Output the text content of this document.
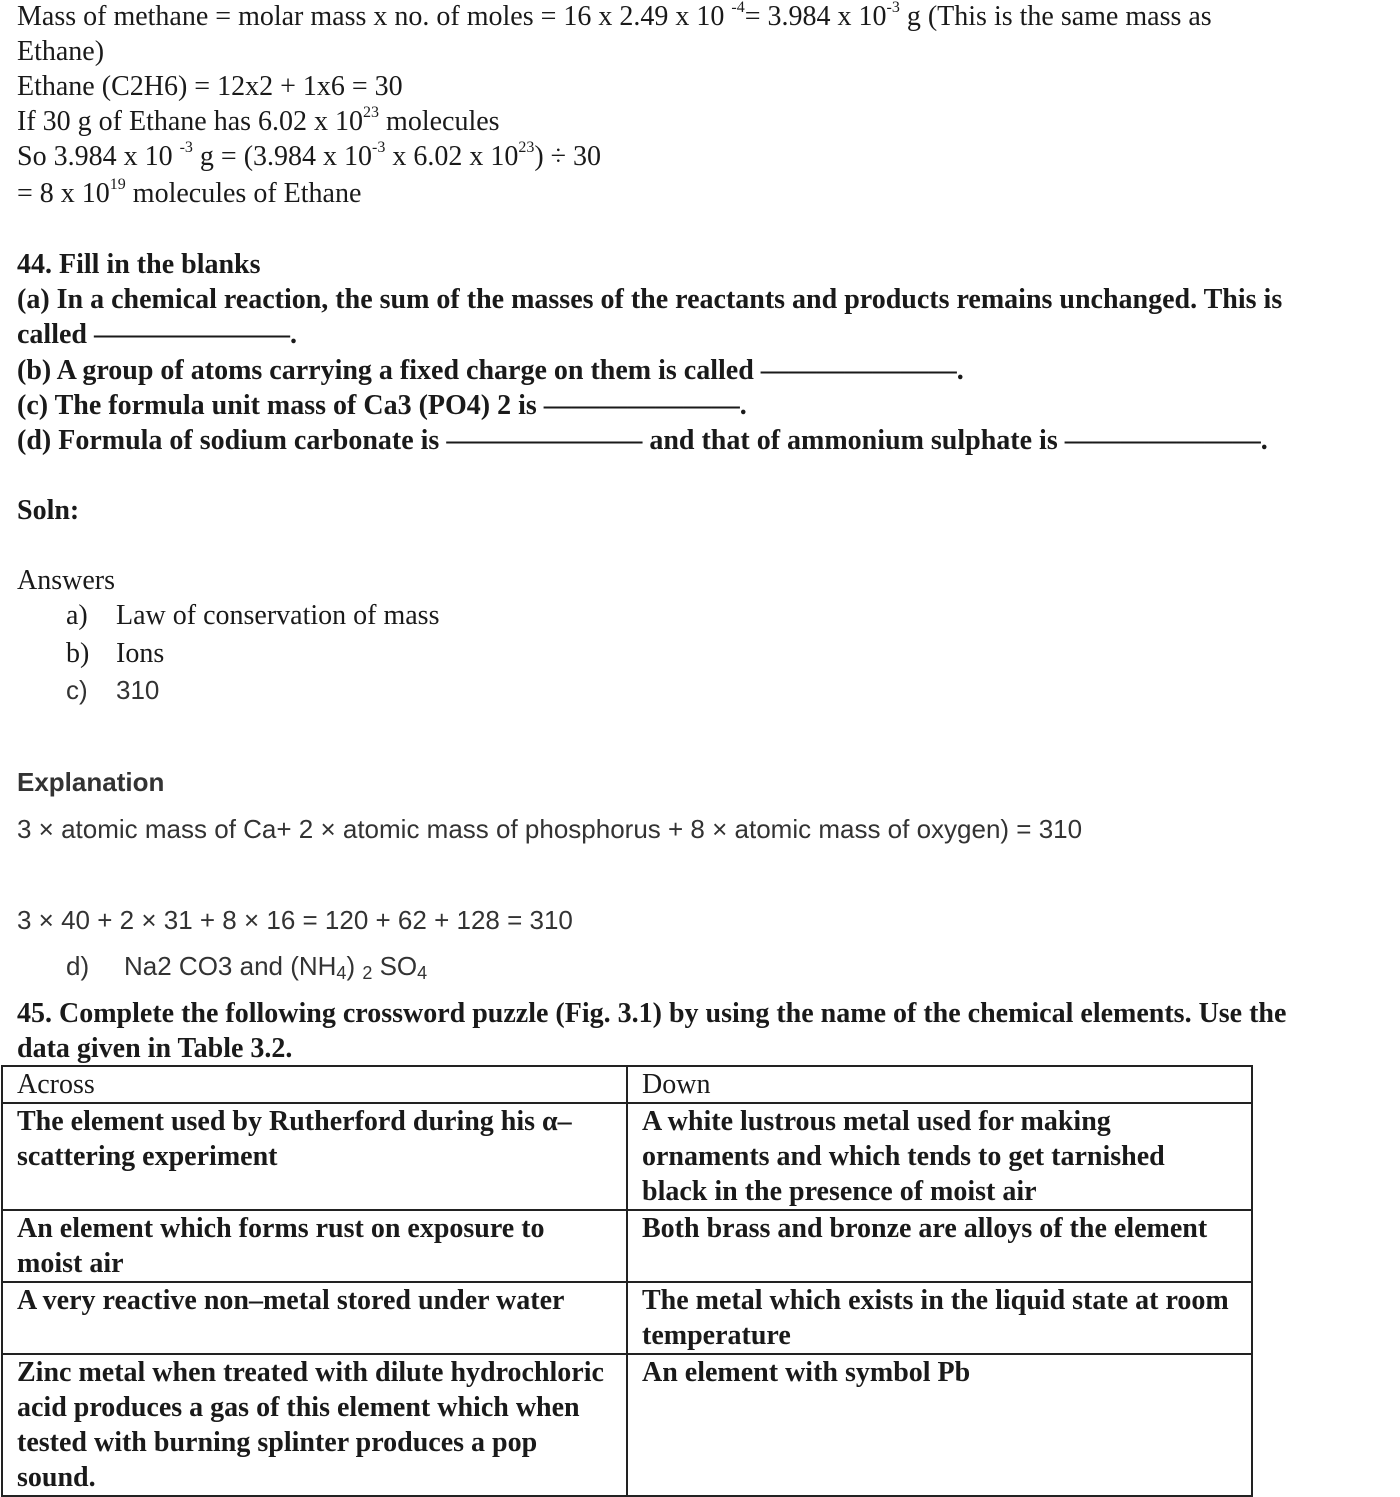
Mass of methane = molar mass x no. of moles = 16 x 2.49 x 10 $^{-4}$= 3.984 x $10^{-3}$ g (This is the same mass as
Ethane)
Ethane (C2H6) = 12x2 + 1x6 = 30
If 30 g of Ethane has 6.02 x $10^{23}$ molecules
So 3.984 x 10 $^{-3}$ g = (3.984 x $10^{-3}$ x 6.02 x $10^{23}) \div 30$
= 8 x $10^{19}$ molecules of Ethane
44. Fill in the blanks
(a) In a chemical reaction, the sum of the masses of the reactants and products remains unchanged. This is
called ———————.
(b) A group of atoms carrying a fixed charge on them is called ———————.
(c) The formula unit mass of Ca3 (PO4) 2 is ———————.
(d) Formula of sodium carbonate is ——————— and that of ammonium sulphate is ———————.
Soln:
Answers
a) Law of conservation of mass
b) Ions
c) 310
Explanation
3 × atomic mass of Ca+ 2 × atomic mass of phosphorus + 8 × atomic mass of oxygen) = 310
3 × 40 + 2 × 31 + 8 × 16 = 120 + 62 + 128 = 310
d) Na2 CO3 and $(NH_4)$ $_2$ $SO_4$
45. Complete the following crossword puzzle (Fig. 3.1) by using the name of the chemical elements. Use the
data given in Table 3.2.
Across	Down
The element used by Rutherford during his α–scattering experiment	A white lustrous metal used for making ornaments and which tends to get tarnished black in the presence of moist air
An element which forms rust on exposure to moist air	Both brass and bronze are alloys of the element
A very reactive non–metal stored under water	The metal which exists in the liquid state at room temperature
Zinc metal when treated with dilute hydrochloric acid produces a gas of this element which when tested with burning splinter produces a pop sound.	An element with symbol Pb
